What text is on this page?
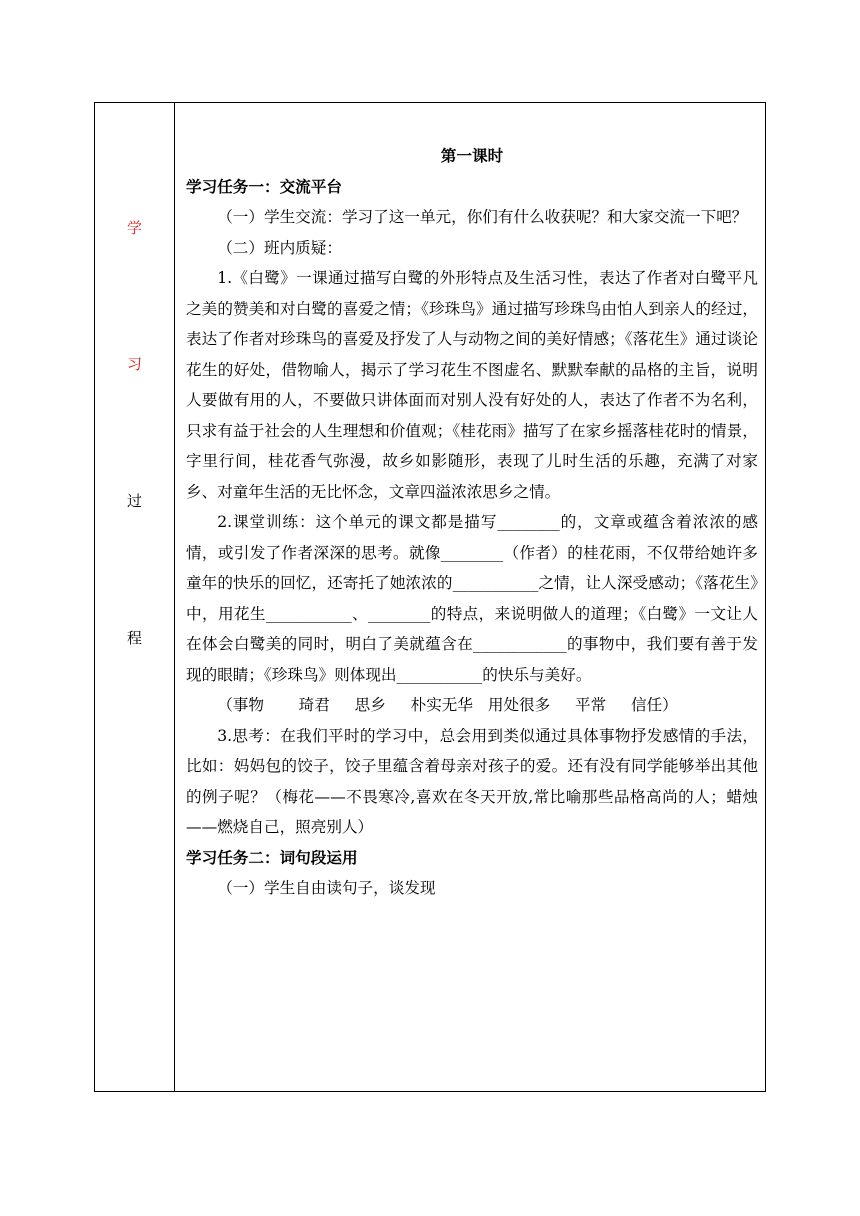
学
习
过
程

第一课时

学习任务一：交流平台

（一）学生交流：学习了这一单元，你们有什么收获呢？和大家交流一下吧？

（二）班内质疑：

1.《白鹭》一课通过描写白鹭的外形特点及生活习性，表达了作者对白鹭平凡之美的赞美和对白鹭的喜爱之情；《珍珠鸟》通过描写珍珠鸟由怕人到亲人的经过，表达了作者对珍珠鸟的喜爱及抒发了人与动物之间的美好情感；《落花生》通过谈论花生的好处，借物喻人，揭示了学习花生不图虚名、默默奉献的品格的主旨，说明人要做有用的人，不要做只讲体面而对别人没有好处的人，表达了作者不为名利，只求有益于社会的人生理想和价值观；《桂花雨》描写了在家乡摇落桂花时的情景，字里行间，桂花香气弥漫，故乡如影随形，表现了儿时生活的乐趣，充满了对家乡、对童年生活的无比怀念，文章四溢浓浓思乡之情。

2.课堂训练：这个单元的课文都是描写________的，文章或蕴含着浓浓的感情，或引发了作者深深的思考。就像________（作者）的桂花雨，不仅带给她许多童年的快乐的回忆，还寄托了她浓浓的___________之情，让人深受感动；《落花生》中，用花生___________、________的特点，来说明做人的道理；《白鹭》一文让人在体会白鹭美的同时，明白了美就蕴含在____________的事物中，我们要有善于发现的眼睛；《珍珠鸟》则体现出___________的快乐与美好。

（事物       琦君     思乡     朴实无华   用处很多     平常     信任）

3.思考：在我们平时的学习中，总会用到类似通过具体事物抒发感情的手法，比如：妈妈包的饺子，饺子里蕴含着母亲对孩子的爱。还有没有同学能够举出其他的例子呢？（梅花——不畏寒冷,喜欢在冬天开放,常比喻那些品格高尚的人；蜡烛——燃烧自己，照亮别人）

学习任务二：词句段运用

（一）学生自由读句子，谈发现
